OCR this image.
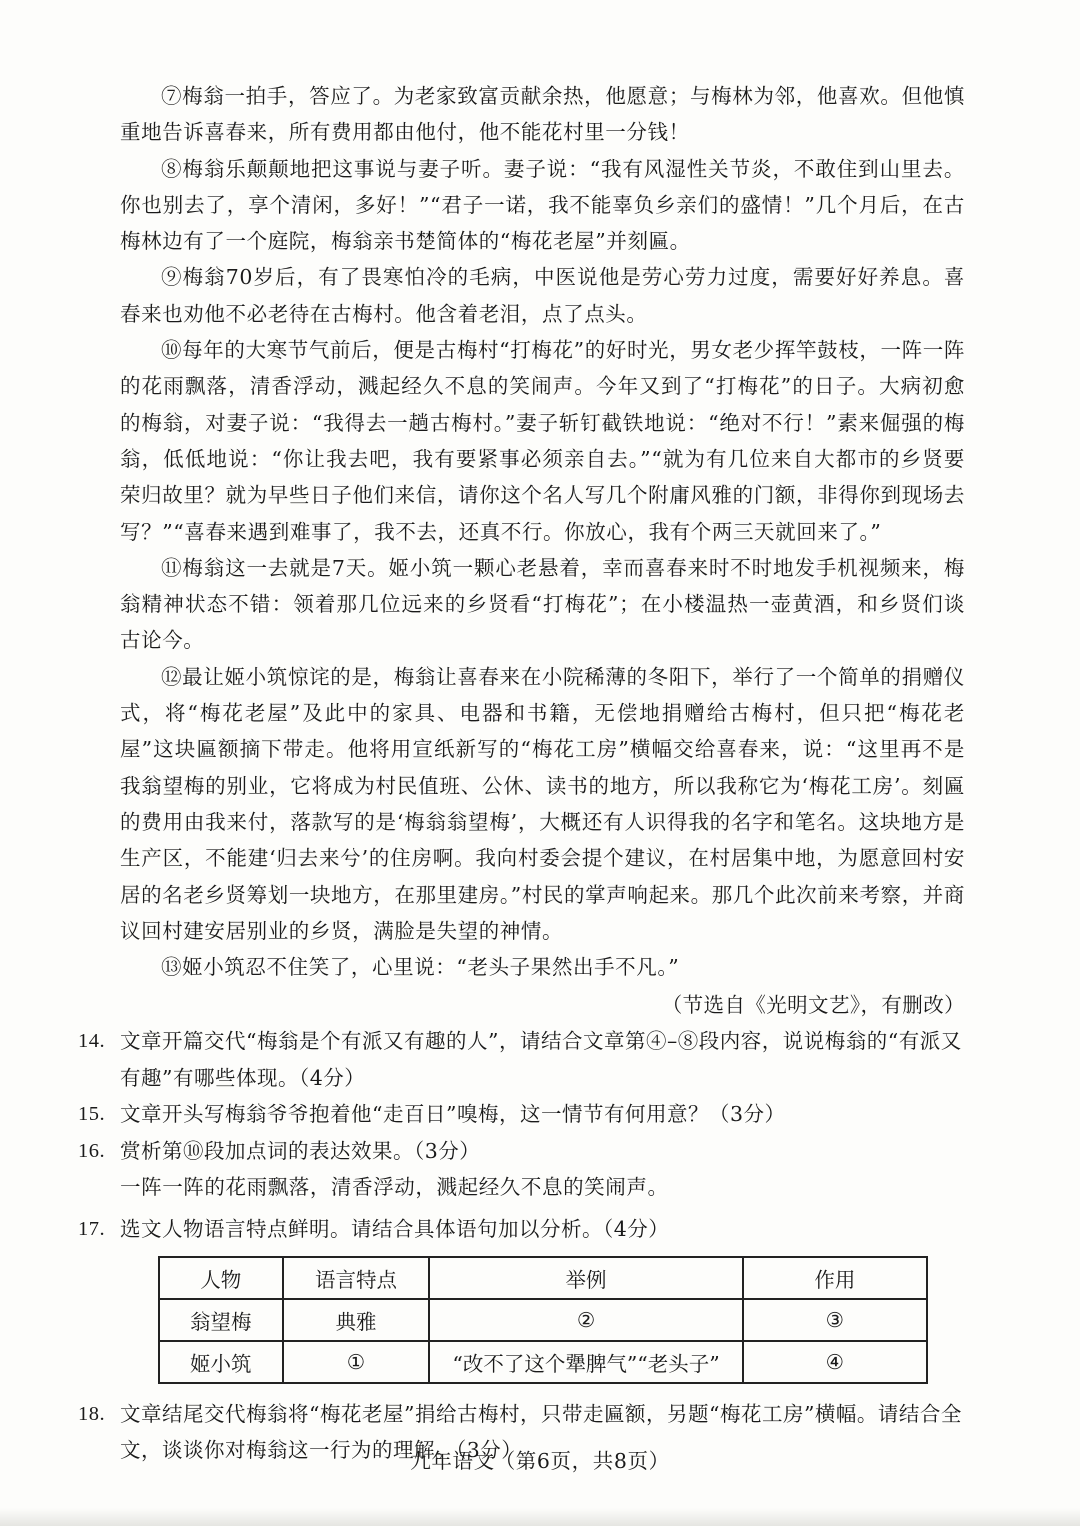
⑦梅翁一拍手，答应了。为老家致富贡献余热，他愿意；与梅林为邻，他喜欢。但他慎重地告诉喜春来，所有费用都由他付，他不能花村里一分钱！

⑧梅翁乐颠颠地把这事说与妻子听。妻子说：“我有风湿性关节炎，不敢住到山里去。你也别去了，享个清闲，多好！”“君子一诺，我不能辜负乡亲们的盛情！”几个月后，在古梅林边有了一个庭院，梅翁亲书楚简体的“梅花老屋”并刻匾。

⑨梅翁70岁后，有了畏寒怕冷的毛病，中医说他是劳心劳力过度，需要好好养息。喜春来也劝他不必老待在古梅村。他含着老泪，点了点头。

⑩每年的大寒节气前后，便是古梅村“打梅花”的好时光，男女老少挥竿鼓枝，一阵一阵的花雨飘落，清香浮动，溅起经久不息的笑闹声。今年又到了“打梅花”的日子。大病初愈的梅翁，对妻子说：“我得去一趟古梅村。”妻子斩钉截铁地说：“绝对不行！”素来倔强的梅翁，低低地说：“你让我去吧，我有要紧事必须亲自去。”“就为有几位来自大都市的乡贤要荣归故里？就为早些日子他们来信，请你这个名人写几个附庸风雅的门额，非得你到现场去写？”“喜春来遇到难事了，我不去，还真不行。你放心，我有个两三天就回来了。”

⑪梅翁这一去就是7天。姬小筑一颗心老悬着，幸而喜春来时不时地发手机视频来，梅翁精神状态不错：领着那几位远来的乡贤看“打梅花”；在小楼温热一壶黄酒，和乡贤们谈古论今。

⑫最让姬小筑惊诧的是，梅翁让喜春来在小院稀薄的冬阳下，举行了一个简单的捐赠仪式，将“梅花老屋”及此中的家具、电器和书籍，无偿地捐赠给古梅村，但只把“梅花老屋”这块匾额摘下带走。他将用宣纸新写的“梅花工房”横幅交给喜春来，说：“这里再不是我翁望梅的别业，它将成为村民值班、公休、读书的地方，所以我称它为‘梅花工房’。刻匾的费用由我来付，落款写的是‘梅翁翁望梅’，大概还有人识得我的名字和笔名。这块地方是生产区，不能建‘归去来兮’的住房啊。我向村委会提个建议，在村居集中地，为愿意回村安居的名老乡贤筹划一块地方，在那里建房。”村民的掌声响起来。那几个此次前来考察，并商议回村建安居别业的乡贤，满脸是失望的神情。

⑬姬小筑忍不住笑了，心里说：“老头子果然出手不凡。”

（节选自《光明文艺》，有删改）

14. 文章开篇交代“梅翁是个有派又有趣的人”，请结合文章第④–⑧段内容，说说梅翁的“有派又有趣”有哪些体现。（4分）

15. 文章开头写梅翁爷爷抱着他“走百日”嗅梅，这一情节有何用意？（3分）

16. 赏析第⑩段加点词的表达效果。（3分）

一阵一阵的花雨飘落，清香浮动，溅起经久不息的笑闹声。

17. 选文人物语言特点鲜明。请结合具体语句加以分析。（4分）

人物	语言特点	举例	作用
翁望梅	典雅	②	③
姬小筑	①	“改不了这个犟脾气”“老头子”	④

18. 文章结尾交代梅翁将“梅花老屋”捐给古梅村，只带走匾额，另题“梅花工房”横幅。请结合全文，谈谈你对梅翁这一行为的理解。（3分）

九年语文（第6页，共8页）
